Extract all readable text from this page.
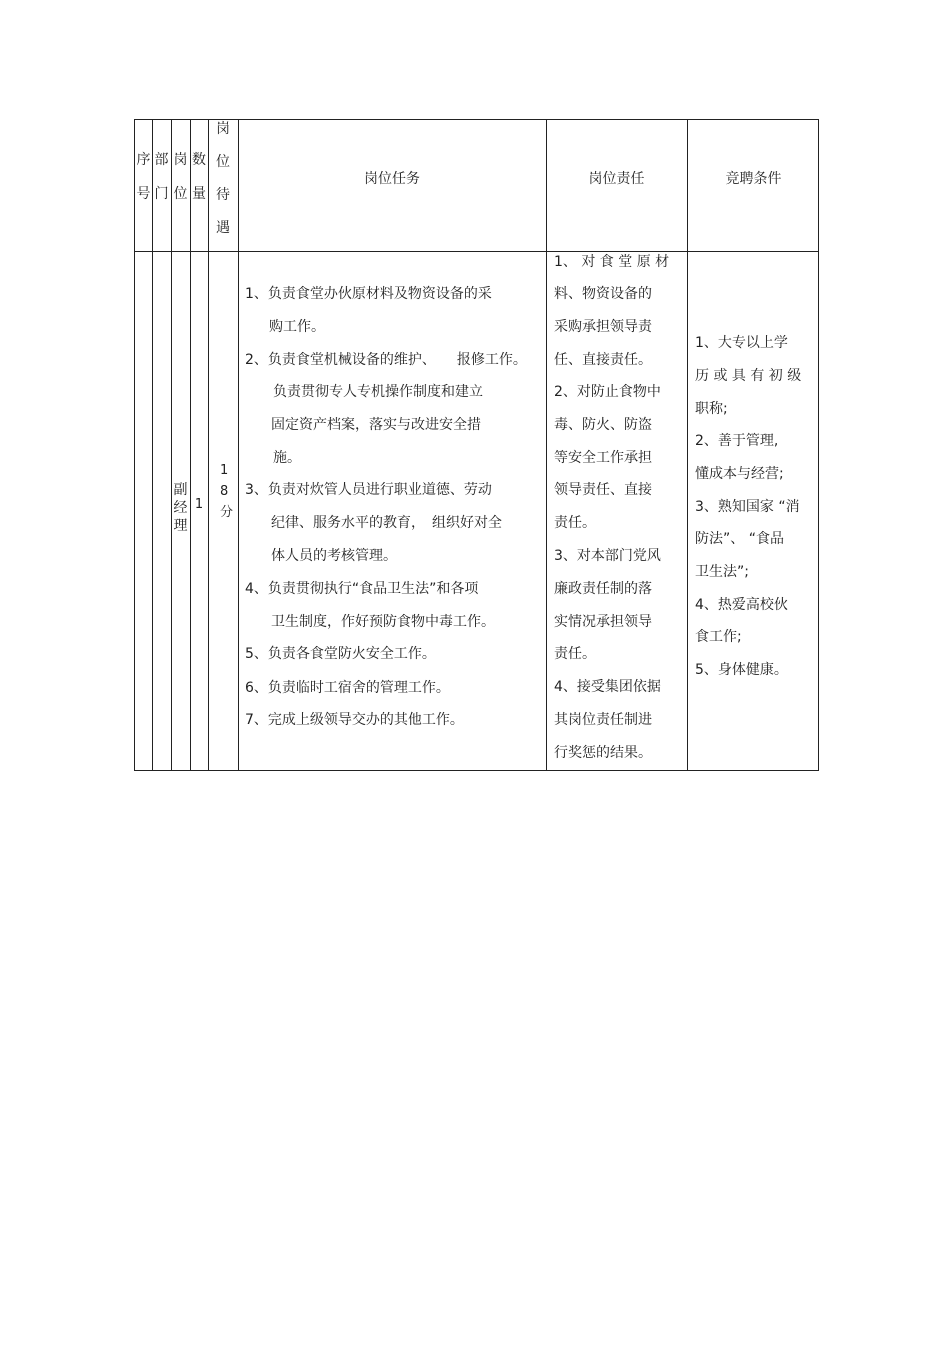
序
号
部
门
岗
位
数
量
岗
位
待
遇
岗位任务	岗位责任	竞聘条件
副
经
理
1
1
8
分
1、负责食堂办伙原材料及物资设备的采
购工作。
2、负责食堂机械设备的维护、　　报修工作。
负责贯彻专人专机操作制度和建立
固定资产档案，落实与改进安全措
施。
3、负责对炊管人员进行职业道德、劳动
纪律、服务水平的教育，　组织好对全
体人员的考核管理。
4、负责贯彻执行“食品卫生法”和各项
卫生制度，作好预防食物中毒工作。
5、负责各食堂防火安全工作。
6、负责临时工宿舍的管理工作。
7、完成上级领导交办的其他工作。
1、 对 食 堂 原 材
料、物资设备的
采购承担领导责
任、直接责任。
2、对防止食物中
毒、防火、防盗
等安全工作承担
领导责任、直接
责任。
3、对本部门党风
廉政责任制的落
实情况承担领导
责任。
4、接受集团依据
其岗位责任制进
行奖惩的结果。
1、大专以上学
历 或 具 有 初 级
职称;
2、善于管理,
懂成本与经营;
3、熟知国家 “消
防法”、 “食品
卫生法”;
4、热爱高校伙
食工作;
5、身体健康。
